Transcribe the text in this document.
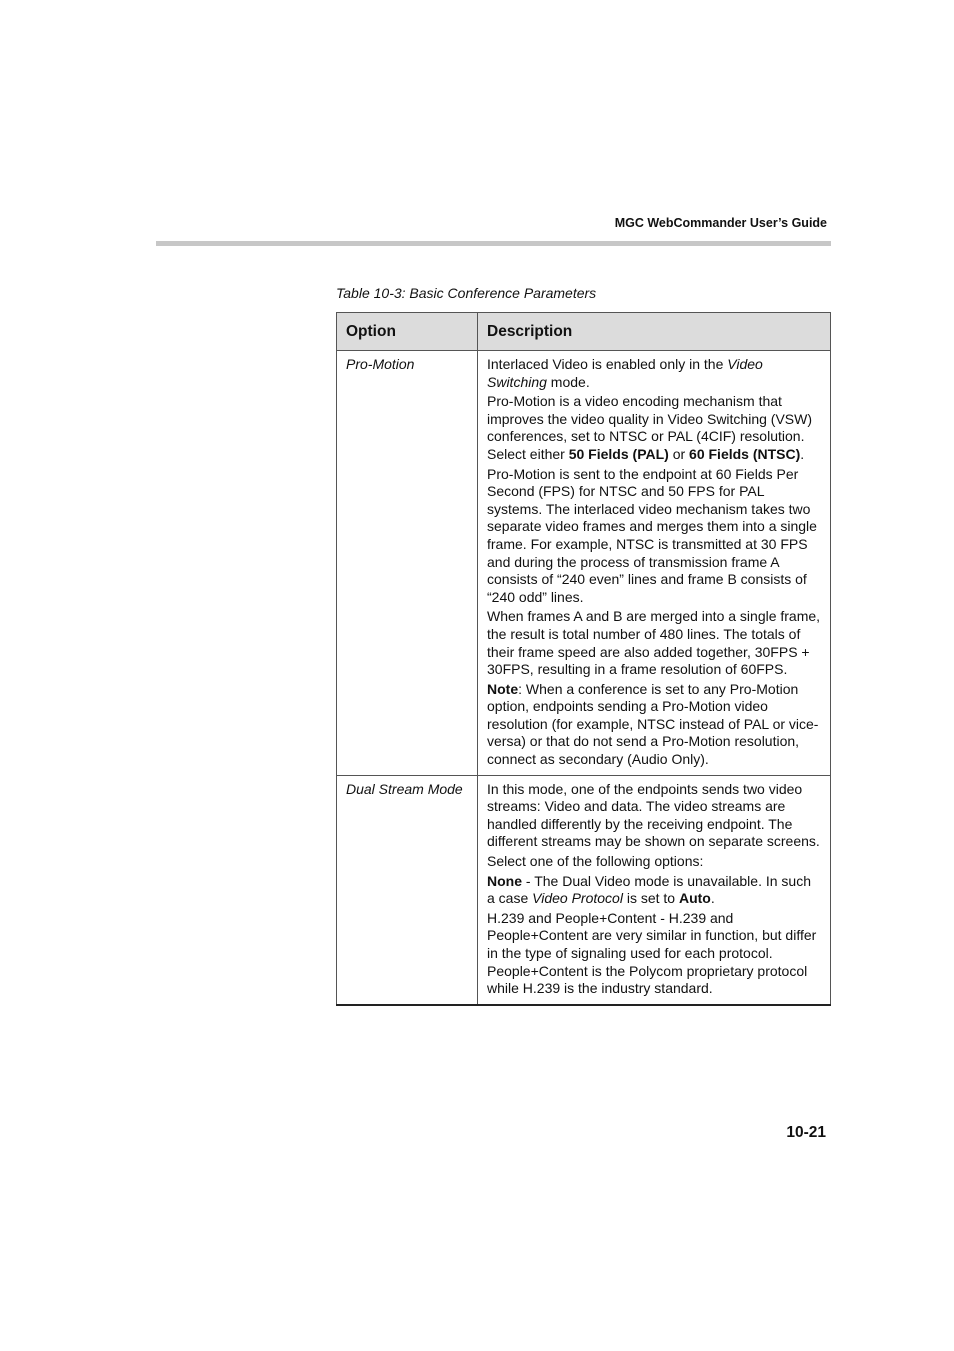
MGC WebCommander User’s Guide
Table 10-3: Basic Conference Parameters
Option	Description
Pro-Motion	Interlaced Video is enabled only in the Video Switching mode.

Pro-Motion is a video encoding mechanism that improves the video quality in Video Switching (VSW) conferences, set to NTSC or PAL (4CIF) resolution. Select either 50 Fields (PAL) or 60 Fields (NTSC).

Pro-Motion is sent to the endpoint at 60 Fields Per Second (FPS) for NTSC and 50 FPS for PAL systems. The interlaced video mechanism takes two separate video frames and merges them into a single frame. For example, NTSC is transmitted at 30 FPS and during the process of transmission frame A consists of “240 even” lines and frame B consists of “240 odd” lines.

When frames A and B are merged into a single frame, the result is total number of 480 lines. The totals of their frame speed are also added together, 30FPS + 30FPS, resulting in a frame resolution of 60FPS.

Note: When a conference is set to any Pro-Motion option, endpoints sending a Pro-Motion video resolution (for example, NTSC instead of PAL or vice-versa) or that do not send a Pro-Motion resolution, connect as secondary (Audio Only).

Dual Stream Mode	In this mode, one of the endpoints sends two video streams: Video and data. The video streams are handled differently by the receiving endpoint. The different streams may be shown on separate screens.

Select one of the following options:

None - The Dual Video mode is unavailable. In such a case Video Protocol is set to Auto.

H.239 and People+Content - H.239 and People+Content are very similar in function, but differ in the type of signaling used for each protocol. People+Content is the Polycom proprietary protocol while H.239 is the industry standard.

10-21
